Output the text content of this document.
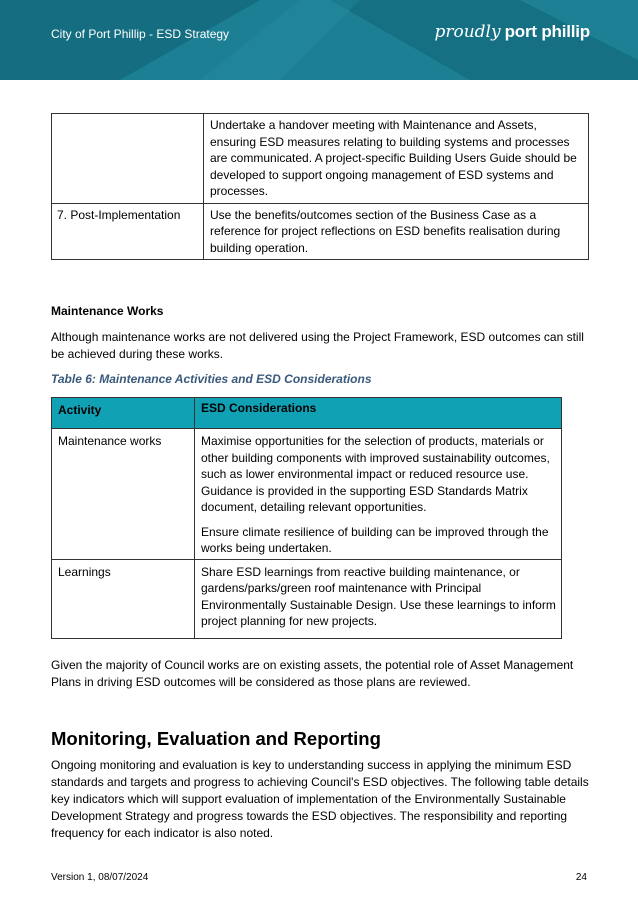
City of Port Phillip - ESD Strategy	proudly port phillip

	Undertake a handover meeting with Maintenance and Assets, ensuring ESD measures relating to building systems and processes are communicated. A project-specific Building Users Guide should be developed to support ongoing management of ESD systems and processes.

7. Post-Implementation	Use the benefits/outcomes section of the Business Case as a reference for project reflections on ESD benefits realisation during building operation.

Maintenance Works

Although maintenance works are not delivered using the Project Framework, ESD outcomes can still be achieved during these works.

Table 6: Maintenance Activities and ESD Considerations

Activity	ESD Considerations
Maintenance works	Maximise opportunities for the selection of products, materials or other building components with improved sustainability outcomes, such as lower environmental impact or reduced resource use. Guidance is provided in the supporting ESD Standards Matrix document, detailing relevant opportunities.

Ensure climate resilience of building can be improved through the works being undertaken.

Learnings	Share ESD learnings from reactive building maintenance, or gardens/parks/green roof maintenance with Principal Environmentally Sustainable Design. Use these learnings to inform project planning for new projects.

Given the majority of Council works are on existing assets, the potential role of Asset Management Plans in driving ESD outcomes will be considered as those plans are reviewed.

Monitoring, Evaluation and Reporting

Ongoing monitoring and evaluation is key to understanding success in applying the minimum ESD standards and targets and progress to achieving Council's ESD objectives. The following table details key indicators which will support evaluation of implementation of the Environmentally Sustainable Development Strategy and progress towards the ESD objectives. The responsibility and reporting frequency for each indicator is also noted.

Version 1, 08/07/2024	24
